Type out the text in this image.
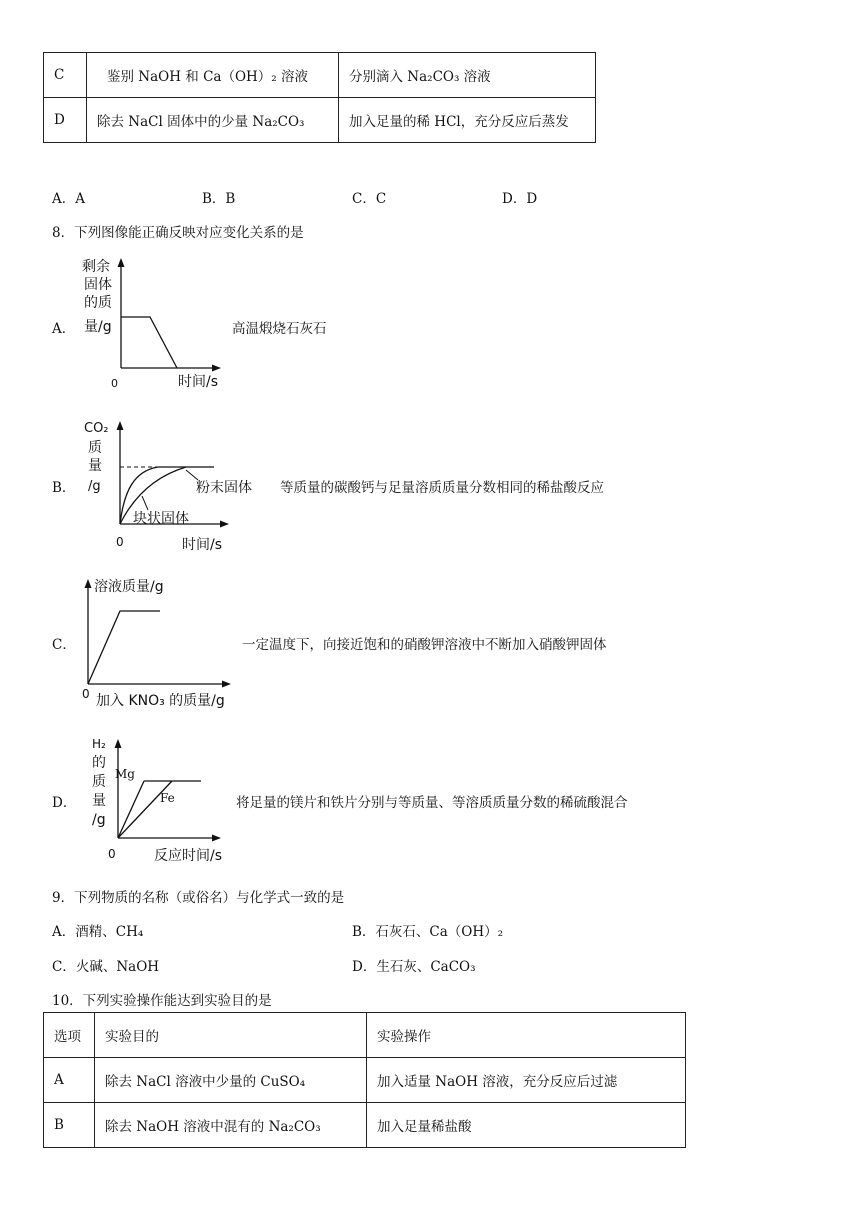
C	鉴别 NaOH 和 Ca（OH）₂ 溶液	分别滴入 Na₂CO₃ 溶液
D	除去 NaCl 固体中的少量 Na₂CO₃	加入足量的稀 HCl，充分反应后蒸发
A．A	B．B	C．C	D．D
8．下列图像能正确反映对应变化关系的是
A．
剩余
固体
的质
量/g
0	时间/s
高温煅烧石灰石
B．
CO₂
质
量
/g	粉末固体
块状固体
0	时间/s
等质量的碳酸钙与足量溶质质量分数相同的稀盐酸反应
C．
溶液质量/g
0 加入 KNO₃ 的质量/g
一定温度下，向接近饱和的硝酸钾溶液中不断加入硝酸钾固体
D．
H₂
的
质
量
/g
Mg
Fe
0	反应时间/s
将足量的镁片和铁片分别与等质量、等溶质质量分数的稀硫酸混合
9．下列物质的名称（或俗名）与化学式一致的是
A．酒精、CH₄	B．石灰石、Ca（OH）₂
C．火碱、NaOH	D．生石灰、CaCO₃
10．下列实验操作能达到实验目的是
选项	实验目的	实验操作
A	除去 NaCl 溶液中少量的 CuSO₄	加入适量 NaOH 溶液，充分反应后过滤
B	除去 NaOH 溶液中混有的 Na₂CO₃	加入足量稀盐酸
